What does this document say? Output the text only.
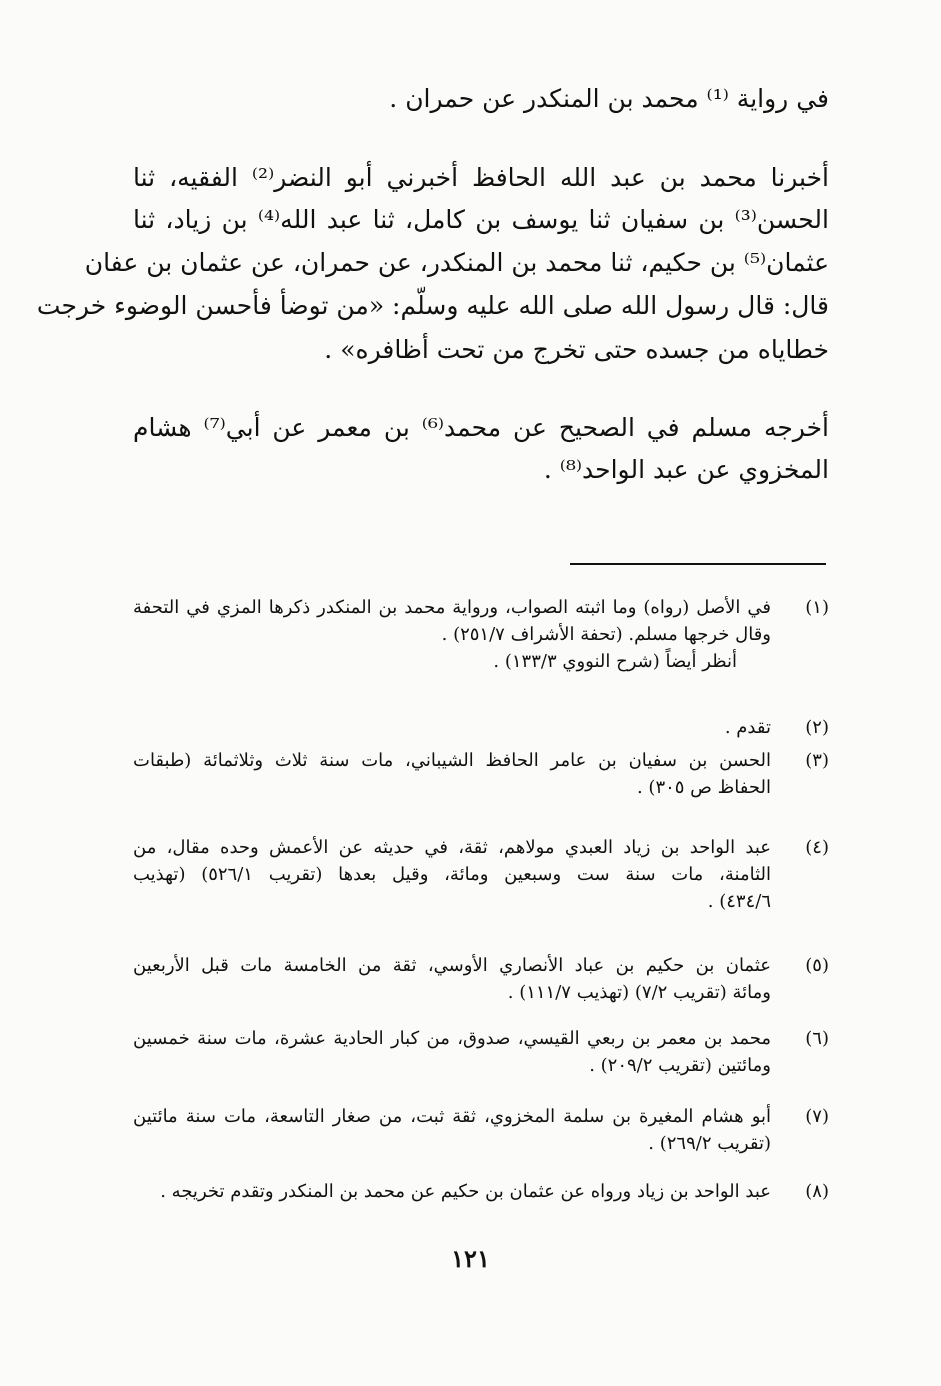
في رواية ⁽¹⁾ محمد بن المنكدر عن حمران .
أخبرنا محمد بن عبد الله الحافظ أخبرني أبو النضر⁽²⁾ الفقيه، ثنا
الحسن⁽³⁾ بن سفيان ثنا يوسف بن كامل، ثنا عبد الله⁽⁴⁾ بن زياد، ثنا
عثمان⁽⁵⁾ بن حكيم، ثنا محمد بن المنكدر، عن حمران، عن عثمان بن عفان
قال: قال رسول الله صلى الله عليه وسلّم: «من توضأ فأحسن الوضوء خرجت
خطاياه من جسده حتى تخرج من تحت أظافره» .
أخرجه مسلم في الصحيح عن محمد⁽⁶⁾ بن معمر عن أبي⁽⁷⁾ هشام
المخزوي عن عبد الواحد⁽⁸⁾ .
(١)
في الأصل (رواه) وما اثبته الصواب، ورواية محمد بن المنكدر ذكرها المزي في التحفة
وقال خرجها مسلم. (تحفة الأشراف ٢٥١/٧) .
أنظر أيضاً (شرح النووي ١٣٣/٣) .
(٢)
تقدم .
(٣)
الحسن بن سفيان بن عامر الحافظ الشيباني، مات سنة ثلاث وثلاثمائة (طبقات
الحفاظ ص ٣٠٥) .
(٤)
عبد الواحد بن زياد العبدي مولاهم، ثقة، في حديثه عن الأعمش وحده مقال، من
الثامنة، مات سنة ست وسبعين ومائة، وقيل بعدها (تقريب ٥٢٦/١) (تهذيب
٤٣٤/٦) .
(٥)
عثمان بن حكيم بن عباد الأنصاري الأوسي، ثقة من الخامسة مات قبل الأربعين
ومائة (تقريب ٧/٢) (تهذيب ١١١/٧) .
(٦)
محمد بن معمر بن ربعي القيسي، صدوق، من كبار الحادية عشرة، مات سنة خمسين
ومائتين (تقريب ٢٠٩/٢) .
(٧)
أبو هشام المغيرة بن سلمة المخزوي، ثقة ثبت، من صغار التاسعة، مات سنة مائتين
(تقريب ٢٦٩/٢) .
(٨)
عبد الواحد بن زياد ورواه عن عثمان بن حكيم عن محمد بن المنكدر وتقدم تخريجه .
١٢١
